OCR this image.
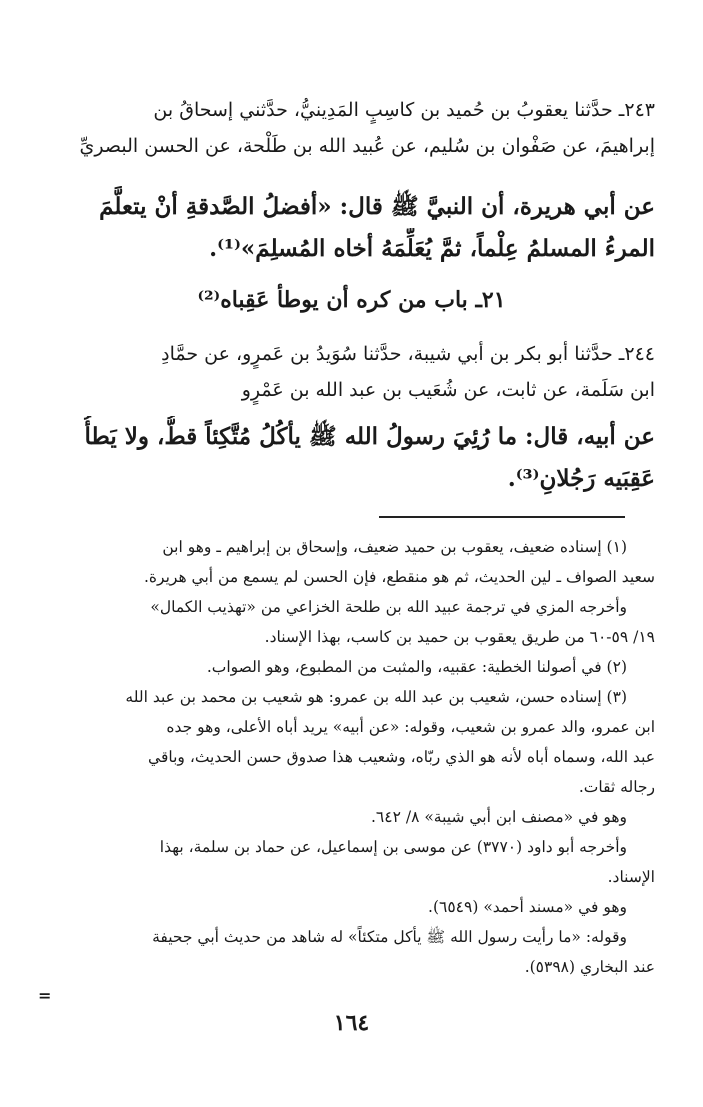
٢٤٣ـ حدَّثنا يعقوبُ بن حُميد بن كاسِبٍ المَدِينيُّ، حدَّثني إسحاقُ بن
إبراهيمَ، عن صَفْوان بن سُليم، عن عُبيد الله بن طَلْحة، عن الحسن البصريِّ
عن أبي هريرة، أن النبيَّ ﷺ قال: «أفضلُ الصَّدقةِ أنْ يتعلَّمَ
المرءُ المسلمُ عِلْماً، ثمَّ يُعَلِّمَهُ أخاه المُسلِمَ»⁽¹⁾.
٢١ـ باب من كره أن يوطأ عَقِباه⁽²⁾
٢٤٤ـ حدَّثنا أبو بكر بن أبي شيبة، حدَّثنا سُوَيدُ بن عَمرٍو، عن حمَّادِ
ابن سَلَمة، عن ثابت، عن شُعَيب بن عبد الله بن عَمْرٍو
عن أبيه، قال: ما رُئِيَ رسولُ الله ﷺ يأكُلُ مُتَّكِئاً قطُّ، ولا يَطأُ
عَقِبَيه رَجُلانِ⁽³⁾.
(١) إسناده ضعيف، يعقوب بن حميد ضعيف، وإسحاق بن إبراهيم ـ وهو ابن
سعيد الصواف ـ لين الحديث، ثم هو منقطع، فإن الحسن لم يسمع من أبي هريرة.
وأخرجه المزي في ترجمة عبيد الله بن طلحة الخزاعي من «تهذيب الكمال»
١٩/ ٥٩-٦٠ من طريق يعقوب بن حميد بن كاسب، بهذا الإسناد.
(٢) في أصولنا الخطية: عقبيه، والمثبت من المطبوع، وهو الصواب.
(٣) إسناده حسن، شعيب بن عبد الله بن عمرو: هو شعيب بن محمد بن عبد الله
ابن عمرو، والد عمرو بن شعيب، وقوله: «عن أبيه» يريد أباه الأعلى، وهو جده
عبد الله، وسماه أباه لأنه هو الذي ربّاه، وشعيب هذا صدوق حسن الحديث، وباقي
رجاله ثقات.
وهو في «مصنف ابن أبي شيبة» ٨/ ٦٤٢.
وأخرجه أبو داود (٣٧٧٠) عن موسى بن إسماعيل، عن حماد بن سلمة، بهذا
الإسناد.
وهو في «مسند أحمد» (٦٥٤٩).
وقوله: «ما رأيت رسول الله ﷺ يأكل متكئاً» له شاهد من حديث أبي جحيفة
عند البخاري (٥٣٩٨).
=
١٦٤
